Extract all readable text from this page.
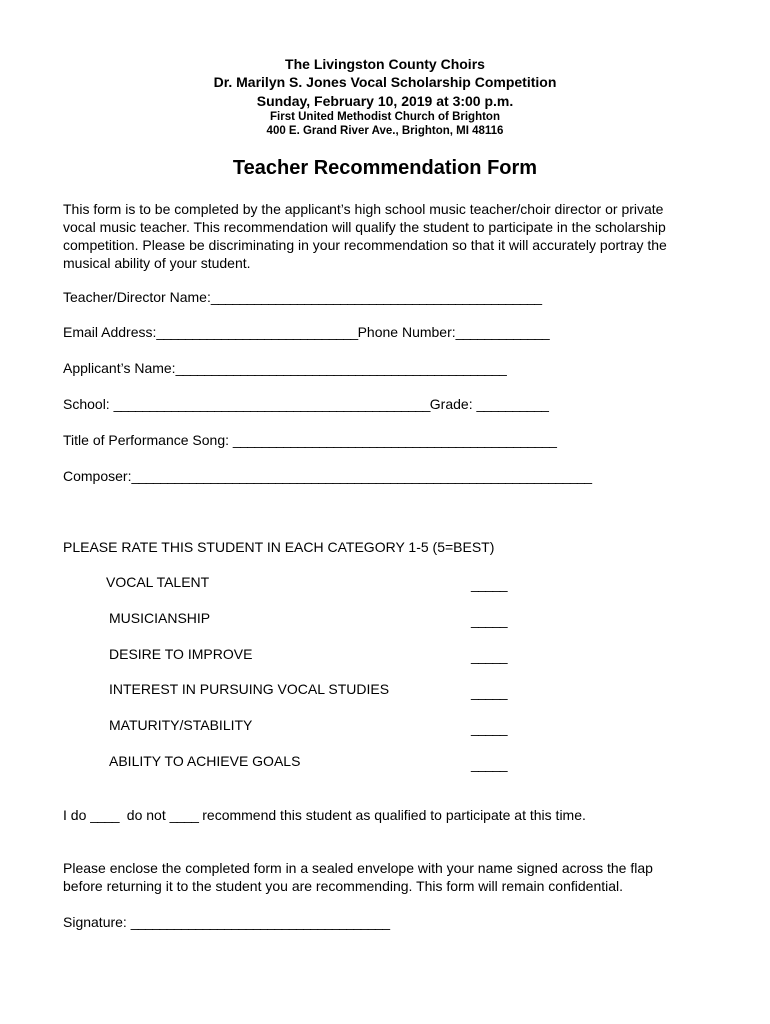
The Livingston County Choirs
Dr. Marilyn S. Jones Vocal Scholarship Competition
Sunday, February 10, 2019 at 3:00 p.m.
First United Methodist Church of Brighton
400 E. Grand River Ave., Brighton, MI 48116
Teacher Recommendation Form
This form is to be completed by the applicant’s high school music teacher/choir director or private vocal music teacher. This recommendation will qualify the student to participate in the scholarship competition. Please be discriminating in your recommendation so that it will accurately portray the musical ability of your student.
Teacher/Director Name:______________________________________________
Email Address:____________________________Phone Number:_____________
Applicant’s Name:______________________________________________
School: ____________________________________________Grade: __________
Title of Performance Song: _____________________________________________
Composer:________________________________________________________________
PLEASE RATE THIS STUDENT IN EACH CATEGORY 1-5 (5=BEST)
VOCAL TALENT	_____
MUSICIANSHIP	_____
DESIRE TO IMPROVE	_____
INTEREST IN PURSUING VOCAL STUDIES	_____
MATURITY/STABILITY	_____
ABILITY TO ACHIEVE GOALS	_____
I do ____ do not ____ recommend this student as qualified to participate at this time.
Please enclose the completed form in a sealed envelope with your name signed across the flap
before returning it to the student you are recommending. This form will remain confidential.
Signature: ____________________________________
